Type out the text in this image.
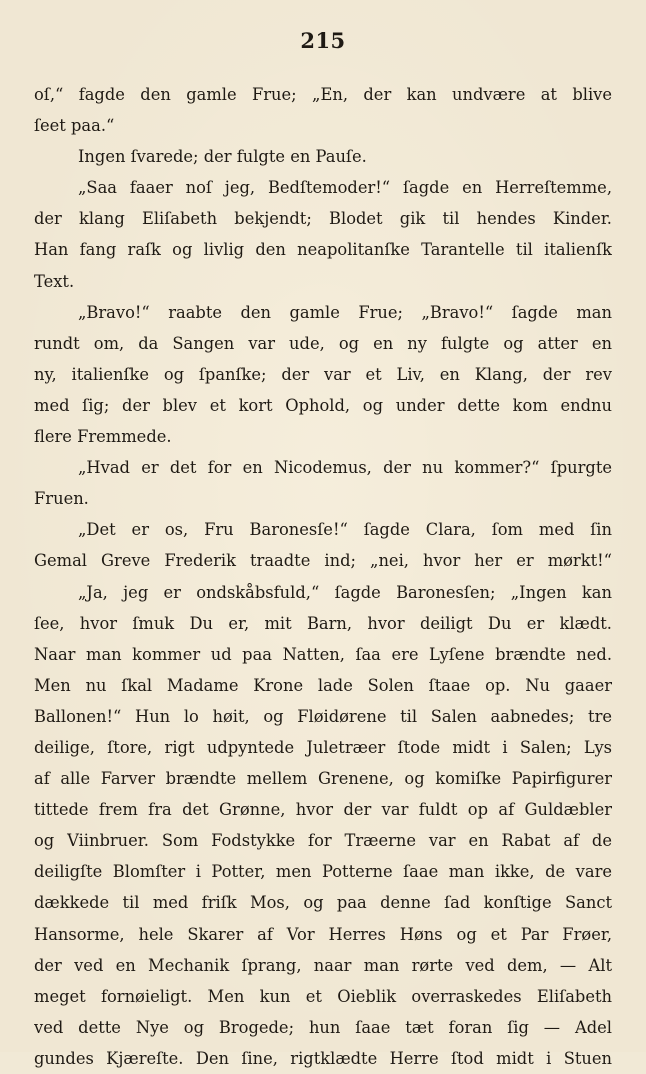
215
oſ,“ fagde den gamle Frue; „En, der kan undvære at blive
ſeet paa.“
Ingen ſvarede; der fulgte en Pauſe.
„Saa faaer noſ jeg, Bedſtemoder!“ ſagde en Herreſtemme,
der klang Eliſabeth bekjendt; Blodet gik til hendes Kinder.
Han fang raſk og livlig den neapolitanſke Tarantelle til italienſk
Text.
„Bravo!“ raabte den gamle Frue; „Bravo!“ ſagde man
rundt om, da Sangen var ude, og en ny fulgte og atter en
ny, italienſke og ſpanſke; der var et Liv, en Klang, der rev
med ſig; der blev et kort Ophold, og under dette kom endnu
flere Fremmede.
„Hvad er det for en Nicodemus, der nu kommer?“ ſpurgte
Fruen.
„Det er os, Fru Baronesſe!“ ſagde Clara, ſom med ſin
Gemal Greve Frederik traadte ind; „nei, hvor her er mørkt!“
„Ja, jeg er ondskåbsfuld,“ ſagde Baronesſen; „Ingen kan
ſee, hvor ſmuk Du er, mit Barn, hvor deiligt Du er klædt.
Naar man kommer ud paa Natten, ſaa ere Lyſene brændte ned.
Men nu ſkal Madame Krone lade Solen ſtaae op. Nu gaaer
Ballonen!“ Hun lo høit, og Fløidørene til Salen aabnedes; tre
deilige, ſtore, rigt udpyntede Juletræer ſtode midt i Salen; Lys
af alle Farver brændte mellem Grenene, og komiſke Papirfigurer
tittede frem fra det Grønne, hvor der var fuldt op af Guldæbler
og Viinbruer. Som Fodstykke for Træerne var en Rabat af de
deiligſte Blomſter i Potter, men Potterne ſaae man ikke, de vare
dækkede til med friſk Mos, og paa denne ſad konſtige Sanct
Hansorme, hele Skarer af Vor Herres Høns og et Par Frøer,
der ved en Mechanik ſprang, naar man rørte ved dem, — Alt
meget fornøieligt. Men kun et Oieblik overraskedes Eliſabeth
ved dette Nye og Brogede; hun ſaae tæt foran ſig — Adel
gundes Kjæreſte. Den ſine, rigtklædte Herre ſtod midt i Stuen
